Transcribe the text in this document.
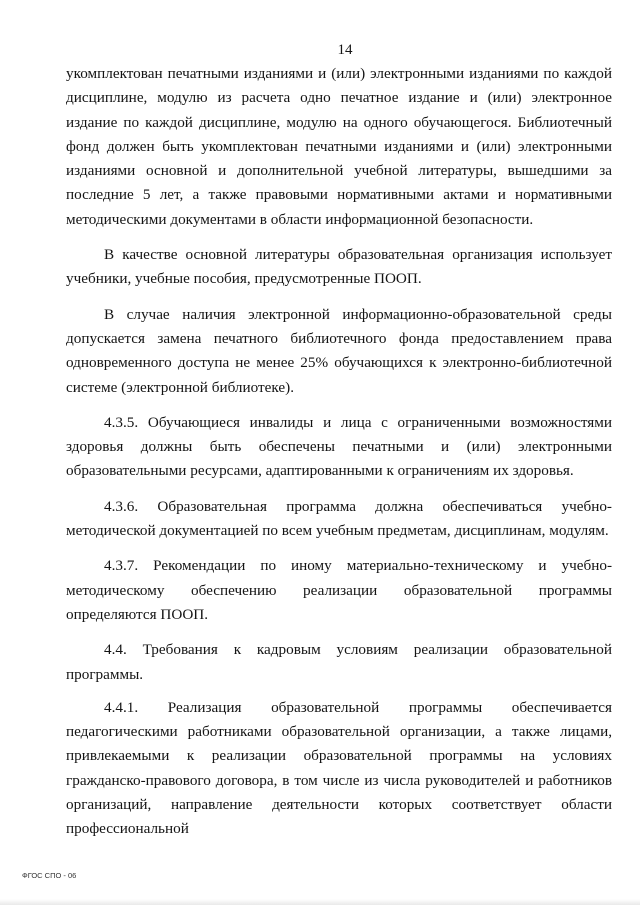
14

укомплектован печатными изданиями и (или) электронными изданиями по каждой дисциплине, модулю из расчета одно печатное издание и (или) электронное издание по каждой дисциплине, модулю на одного обучающегося. Библиотечный фонд должен быть укомплектован печатными изданиями и (или) электронными изданиями основной и дополнительной учебной литературы, вышедшими за последние 5 лет, а также правовыми нормативными актами и нормативными методическими документами в области информационной безопасности.

В качестве основной литературы образовательная организация использует учебники, учебные пособия, предусмотренные ПООП.

В случае наличия электронной информационно-образовательной среды допускается замена печатного библиотечного фонда предоставлением права одновременного доступа не менее 25% обучающихся к электронно-библиотечной системе (электронной библиотеке).

4.3.5. Обучающиеся инвалиды и лица с ограниченными возможностями здоровья должны быть обеспечены печатными и (или) электронными образовательными ресурсами, адаптированными к ограничениям их здоровья.

4.3.6. Образовательная программа должна обеспечиваться учебно-методической документацией по всем учебным предметам, дисциплинам, модулям.

4.3.7. Рекомендации по иному материально-техническому и учебно-методическому обеспечению реализации образовательной программы определяются ПООП.

4.4. Требования к кадровым условиям реализации образовательной программы.

4.4.1. Реализация образовательной программы обеспечивается педагогическими работниками образовательной организации, а также лицами, привлекаемыми к реализации образовательной программы на условиях гражданско-правового договора, в том числе из числа руководителей и работников организаций, направление деятельности которых соответствует области профессиональной

ФГОС СПО - 06
